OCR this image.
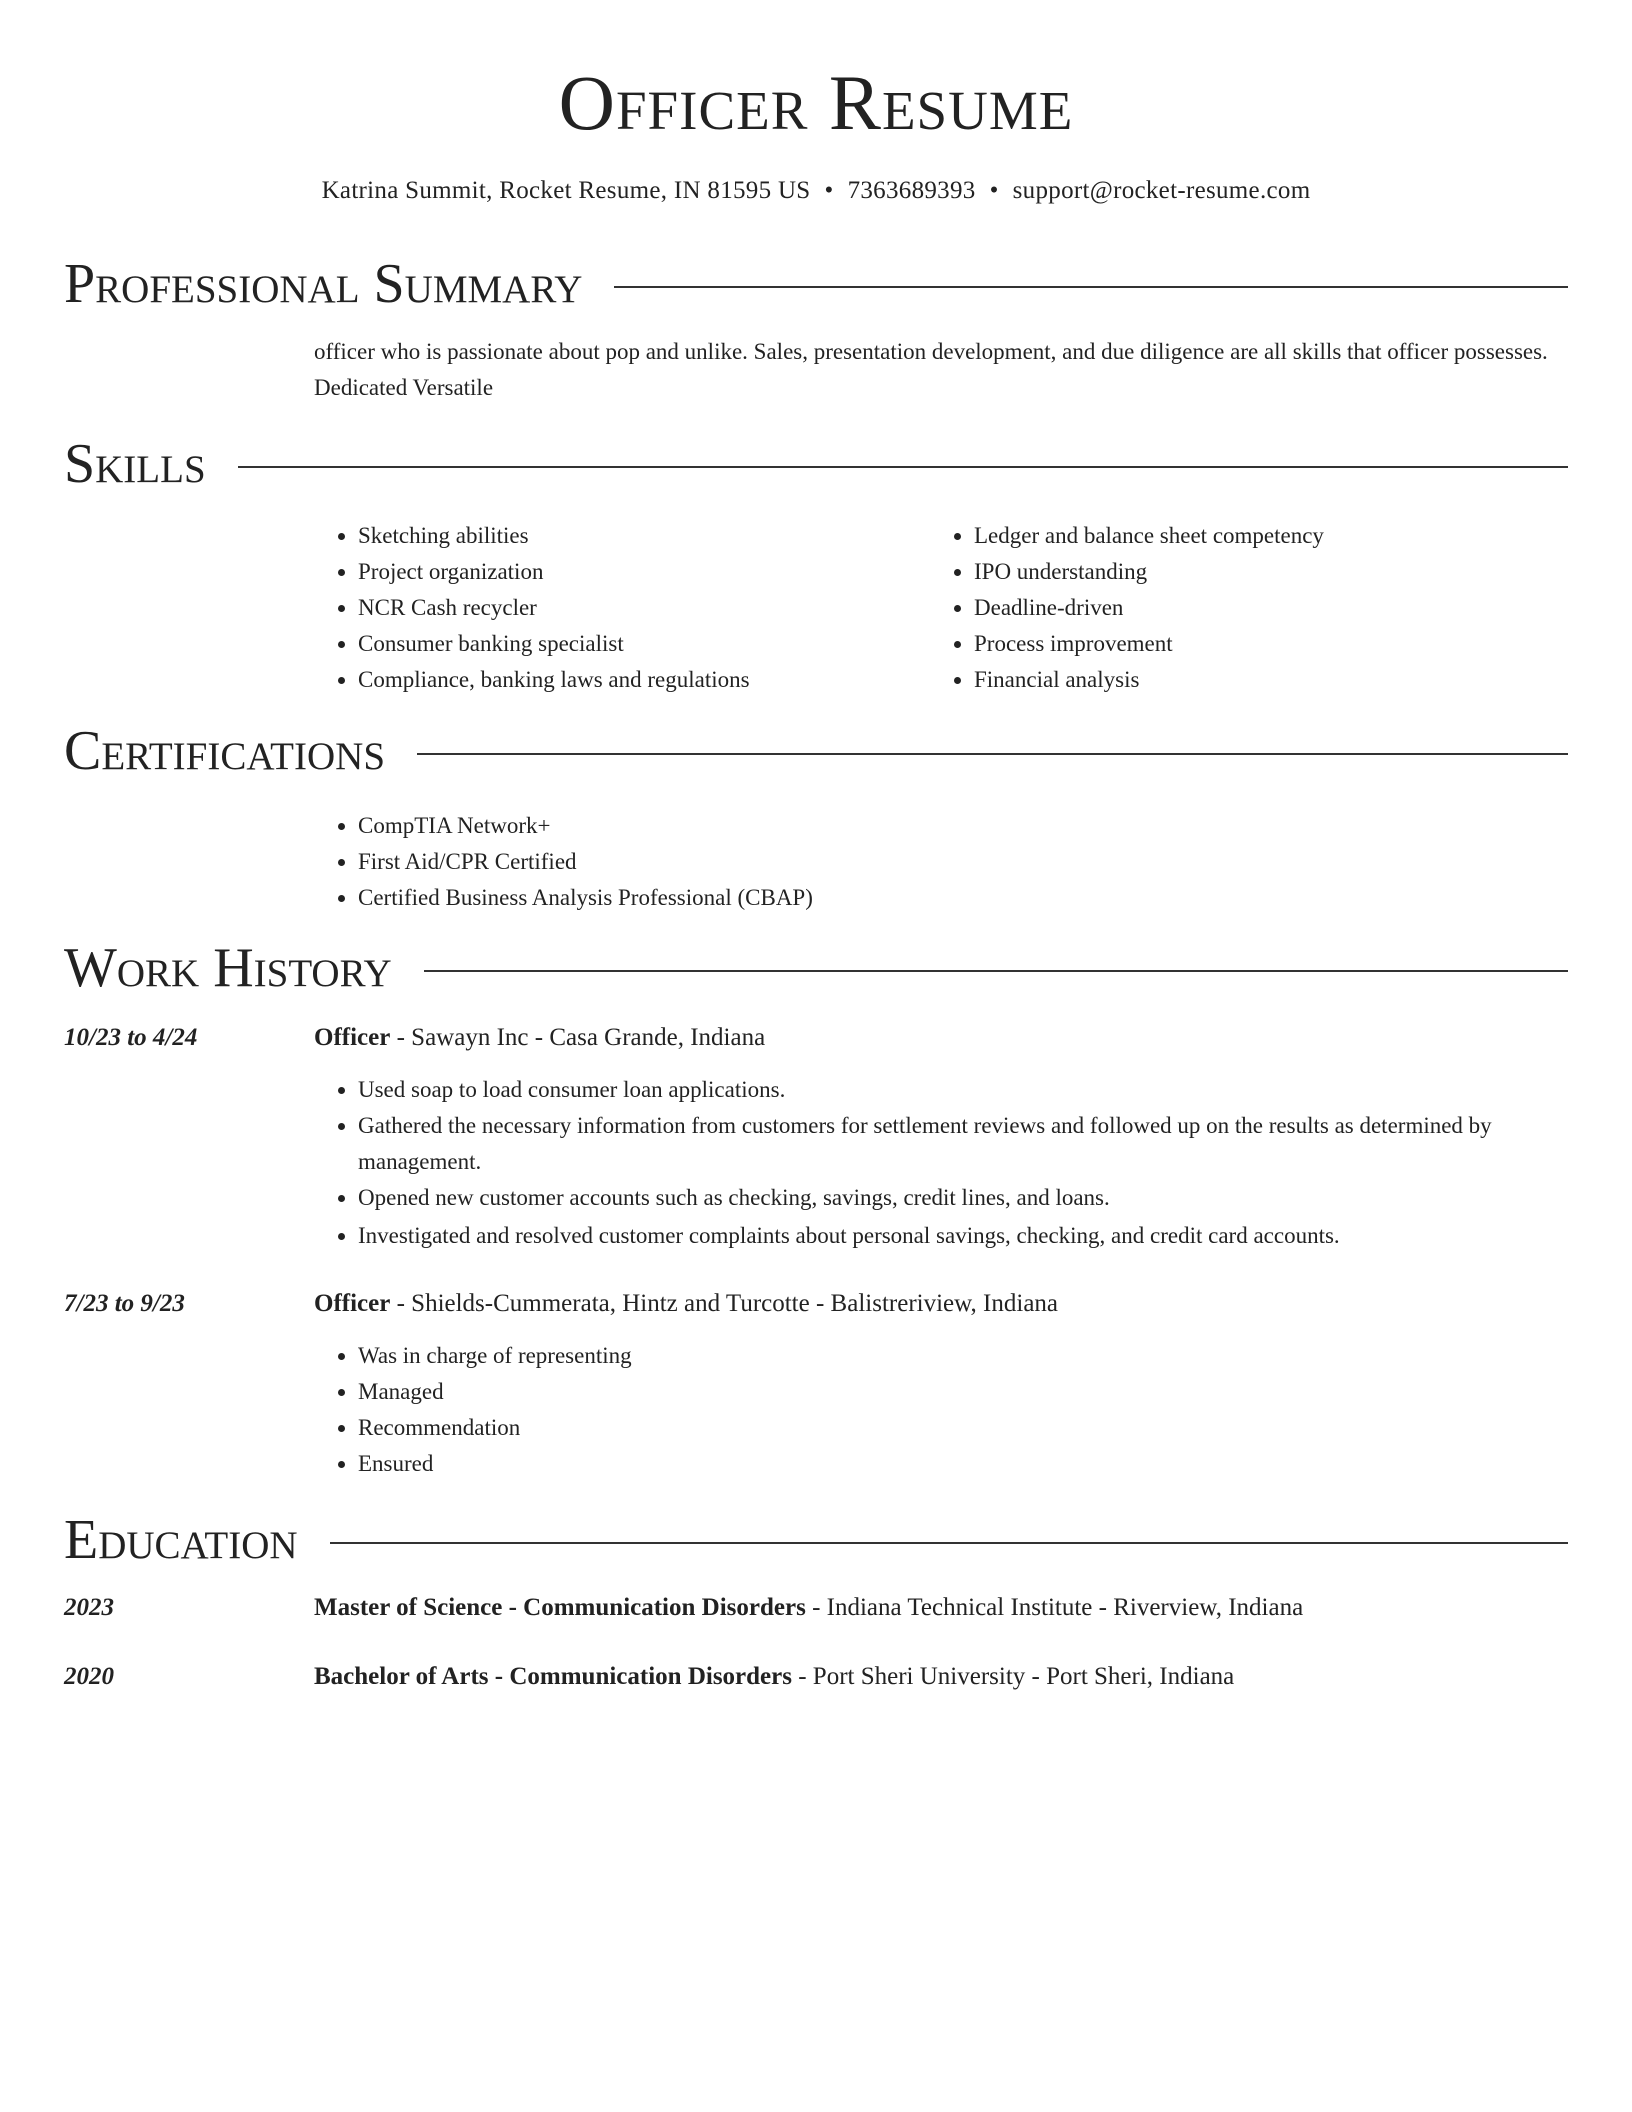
Officer Resume
Katrina Summit, Rocket Resume, IN 81595 US • 7363689393 • support@rocket-resume.com
Professional Summary

officer who is passionate about pop and unlike. Sales, presentation development, and due diligence are all skills that officer possesses. Dedicated Versatile

Skills
• Sketching abilities
• Project organization
• NCR Cash recycler
• Consumer banking specialist
• Compliance, banking laws and regulations
• Ledger and balance sheet competency
• IPO understanding
• Deadline-driven
• Process improvement
• Financial analysis
Certifications
• CompTIA Network+
• First Aid/CPR Certified
• Certified Business Analysis Professional (CBAP)
Work History
10/23 to 4/24	Officer - Sawayn Inc - Casa Grande, Indiana
• Used soap to load consumer loan applications.
• Gathered the necessary information from customers for settlement reviews and followed up on the results as determined by management.
• Opened new customer accounts such as checking, savings, credit lines, and loans.
• Investigated and resolved customer complaints about personal savings, checking, and credit card accounts.
7/23 to 9/23	Officer - Shields-Cummerata, Hintz and Turcotte - Balistreriview, Indiana
• Was in charge of representing
• Managed
• Recommendation
• Ensured
Education
2023	Master of Science - Communication Disorders - Indiana Technical Institute - Riverview, Indiana
2020	Bachelor of Arts - Communication Disorders - Port Sheri University - Port Sheri, Indiana
